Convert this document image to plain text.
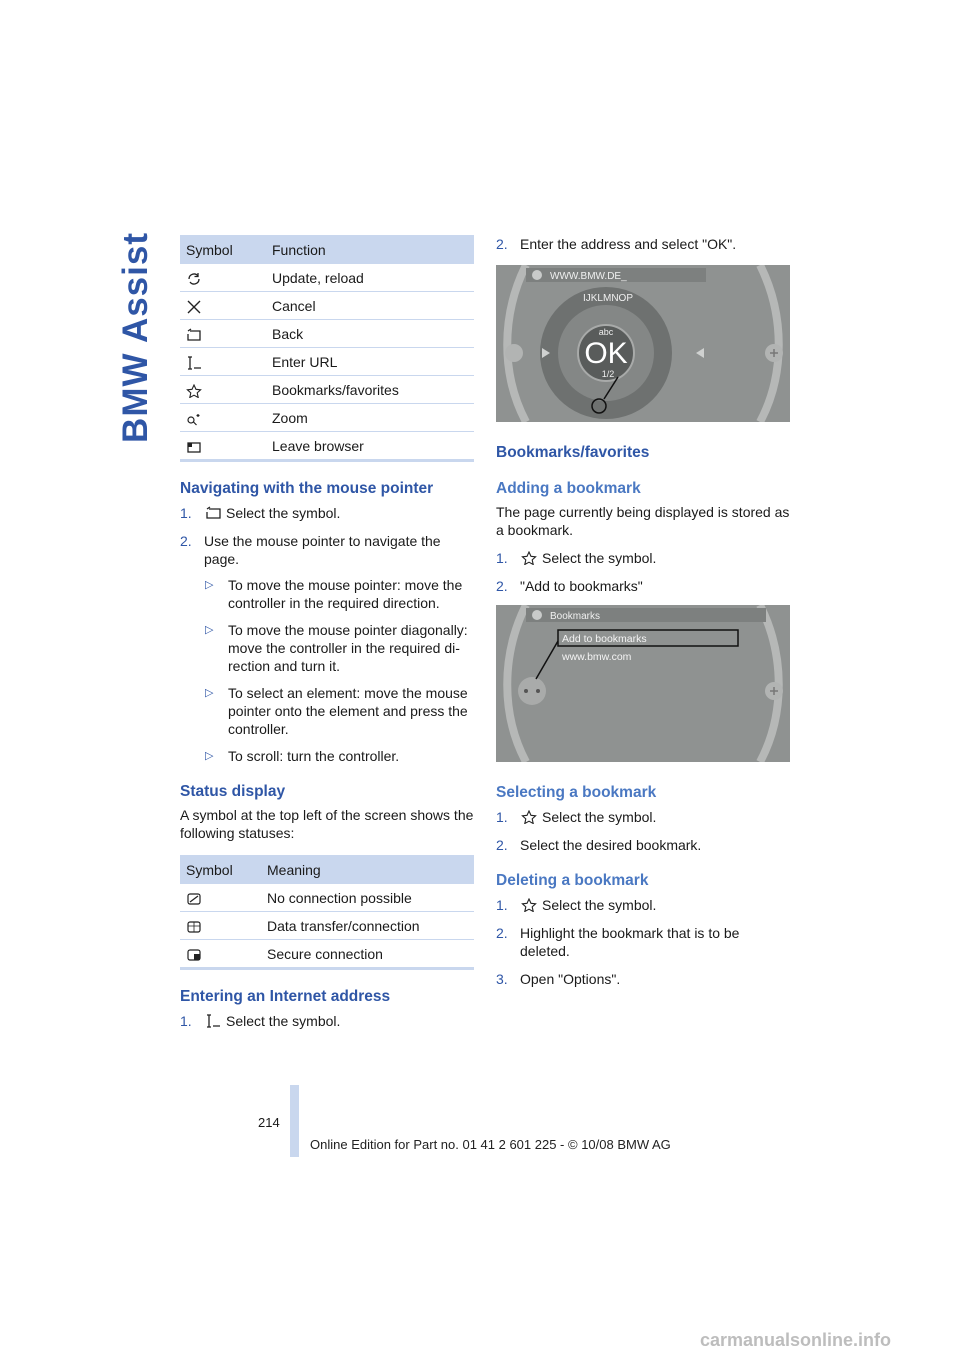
BMW Assist Symbol	Function

	Update, reload

	Cancel

	Back

	Enter URL

	Bookmarks/favorites

	Zoom

	Leave browser
Navigating with the mouse pointer
1. Select the symbol.
2. Use the mouse pointer to navigate the page.
▷ To move the mouse pointer: move the controller in the required direction.
▷ To move the mouse pointer diagonally: move the controller in the required di-rection and turn it.
▷ To select an element: move the mouse pointer onto the element and press the controller.
▷ To scroll: turn the controller.
Status display

A symbol at the top left of the screen shows the following statuses:

Symbol	Meaning

	No connection possible

	Data transfer/connection

	Secure connection
Entering an Internet address
1. Select the symbol.
2. Enter the address and select "OK".
WWW.BMW.DE_
IJKLMNOP
OK
abc
1/2
Bookmarks/favorites
Adding a bookmark

The page currently being displayed is stored as a bookmark.

1. Select the symbol.
2. "Add to bookmarks"
Bookmarks
Add to bookmarks
www.bmw.com
Selecting a bookmark
1. Select the symbol.
2. Select the desired bookmark.
Deleting a bookmark
1. Select the symbol.
2. Highlight the bookmark that is to be deleted.
3. Open "Options".
214
Online Edition for Part no. 01 41 2 601 225 - © 10/08 BMW AG
carmanualsonline.info
